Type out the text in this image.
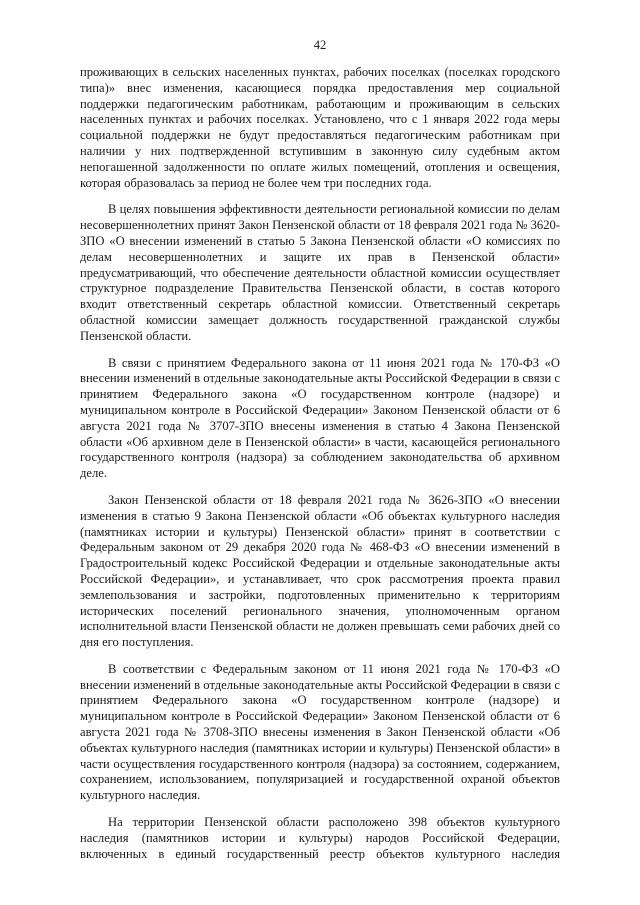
42

проживающих в сельских населенных пунктах, рабочих поселках (поселках городского типа)» внес изменения, касающиеся порядка предоставления мер социальной поддержки педагогическим работникам, работающим и проживающим в сельских населенных пунктах и рабочих поселках. Установлено, что с 1 января 2022 года меры социальной поддержки не будут предоставляться педагогическим работникам при наличии у них подтвержденной вступившим в законную силу судебным актом непогашенной задолженности по оплате жилых помещений, отопления и освещения, которая образовалась за период не более чем три последних года.

В целях повышения эффективности деятельности региональной комиссии по делам несовершеннолетних принят Закон Пензенской области от 18 февраля 2021 года № 3620-ЗПО «О внесении изменений в статью 5 Закона Пензенской области «О комиссиях по делам несовершеннолетних и защите их прав в Пензенской области» предусматривающий, что обеспечение деятельности областной комиссии осуществляет структурное подразделение Правительства Пензенской области, в состав которого входит ответственный секретарь областной комиссии. Ответственный секретарь областной комиссии замещает должность государственной гражданской службы Пензенской области.

В связи с принятием Федерального закона от 11 июня 2021 года № 170-ФЗ «О внесении изменений в отдельные законодательные акты Российской Федерации в связи с принятием Федерального закона «О государственном контроле (надзоре) и муниципальном контроле в Российской Федерации» Законом Пензенской области от 6 августа 2021 года № 3707-ЗПО внесены изменения в статью 4 Закона Пензенской области «Об архивном деле в Пензенской области» в части, касающейся регионального государственного контроля (надзора) за соблюдением законодательства об архивном деле.

Закон Пензенской области от 18 февраля 2021 года № 3626-ЗПО «О внесении изменения в статью 9 Закона Пензенской области «Об объектах культурного наследия (памятниках истории и культуры) Пензенской области» принят в соответствии с Федеральным законом от 29 декабря 2020 года № 468-ФЗ «О внесении изменений в Градостроительный кодекс Российской Федерации и отдельные законодательные акты Российской Федерации», и устанавливает, что срок рассмотрения проекта правил землепользования и застройки, подготовленных применительно к территориям исторических поселений регионального значения, уполномоченным органом исполнительной власти Пензенской области не должен превышать семи рабочих дней со дня его поступления.

В соответствии с Федеральным законом от 11 июня 2021 года № 170-ФЗ «О внесении изменений в отдельные законодательные акты Российской Федерации в связи с принятием Федерального закона «О государственном контроле (надзоре) и муниципальном контроле в Российской Федерации» Законом Пензенской области от 6 августа 2021 года № 3708-ЗПО внесены изменения в Закон Пензенской области «Об объектах культурного наследия (памятниках истории и культуры) Пензенской области» в части осуществления государственного контроля (надзора) за состоянием, содержанием, сохранением, использованием, популяризацией и государственной охраной объектов культурного наследия.

На территории Пензенской области расположено 398 объектов культурного наследия (памятников истории и культуры) народов Российской Федерации, включенных в единый государственный реестр объектов культурного наследия
